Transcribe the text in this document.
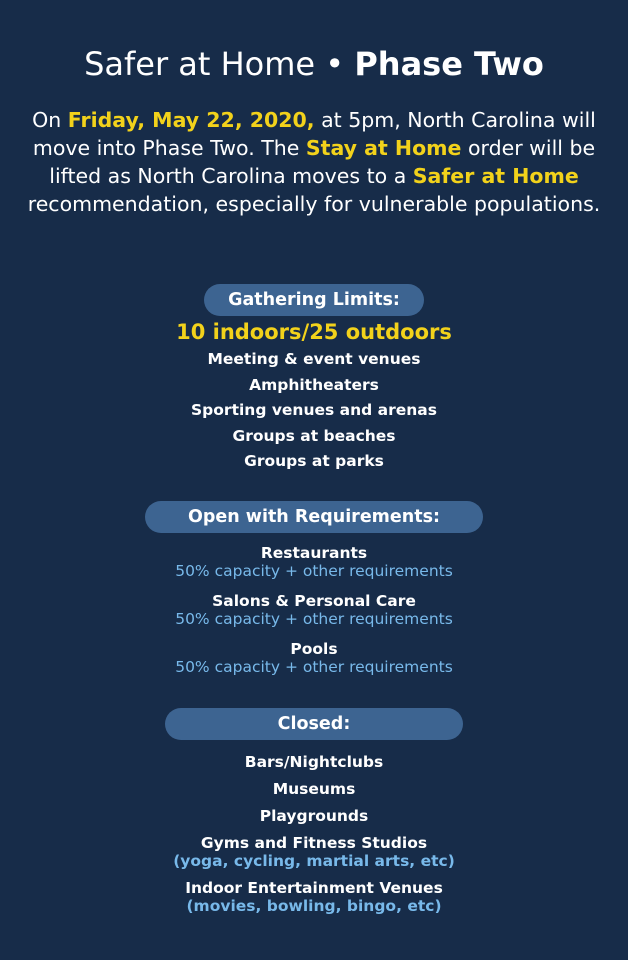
Safer at Home • Phase Two
On Friday, May 22, 2020, at 5pm, North Carolina will move into Phase Two. The Stay at Home order will be lifted as North Carolina moves to a Safer at Home recommendation, especially for vulnerable populations.
Gathering Limits:
10 indoors/25 outdoors
Meeting & event venues
Amphitheaters
Sporting venues and arenas
Groups at beaches
Groups at parks
Open with Requirements:
Restaurants
50% capacity + other requirements
Salons & Personal Care
50% capacity + other requirements
Pools
50% capacity + other requirements
Closed:
Bars/Nightclubs
Museums
Playgrounds
Gyms and Fitness Studios
(yoga, cycling, martial arts, etc)
Indoor Entertainment Venues
(movies, bowling, bingo, etc)
